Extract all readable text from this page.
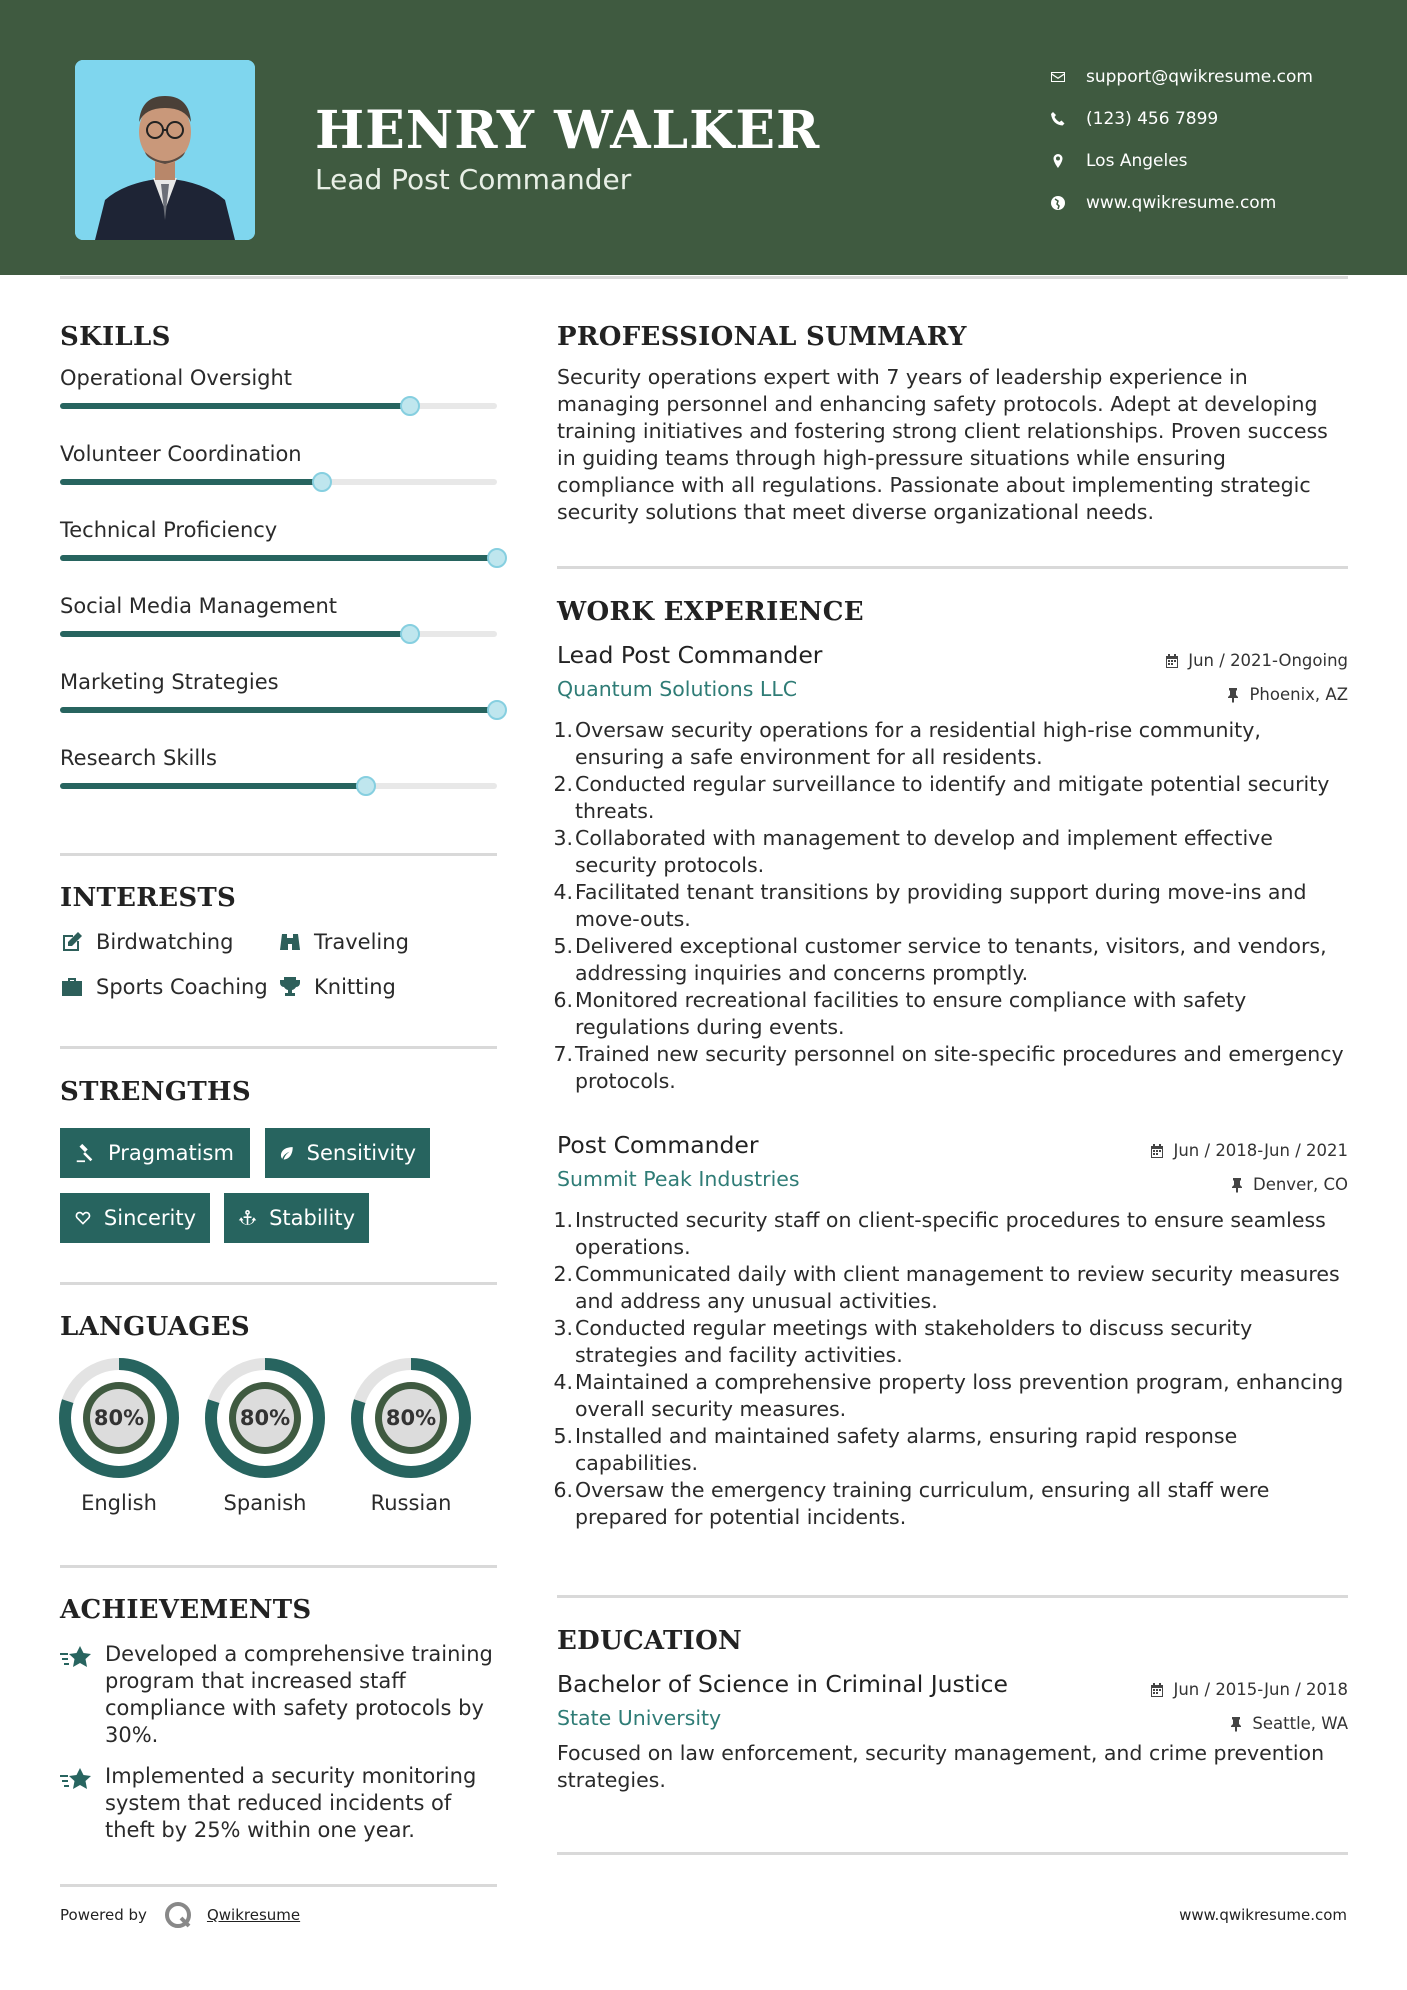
HENRY WALKER
Lead Post Commander
support@qwikresume.com
(123) 456 7899
Los Angeles
www.qwikresume.com
SKILLS
Operational Oversight
Volunteer Coordination
Technical Proficiency
Social Media Management
Marketing Strategies
Research Skills
INTERESTS
Birdwatching	Traveling
Sports Coaching Knitting
STRENGTHS
Pragmatism	Sensitivity
Sincerity	Stability
LANGUAGES
80%
English
80%
Spanish
80%
Russian
ACHIEVEMENTS
Developed a comprehensive training program that increased staff compliance with safety protocols by 30%.
Implemented a security monitoring system that reduced incidents of theft by 25% within one year.
PROFESSIONAL SUMMARY
Security operations expert with 7 years of leadership experience in managing personnel and enhancing safety protocols. Adept at developing training initiatives and fostering strong client relationships. Proven success in guiding teams through high-pressure situations while ensuring compliance with all regulations. Passionate about implementing strategic security solutions that meet diverse organizational needs.
WORK EXPERIENCE
Lead Post Commander	Jun / 2021-Ongoing
Quantum Solutions LLC	Phoenix, AZ
1. Oversaw security operations for a residential high-rise community, ensuring a safe environment for all residents.
2. Conducted regular surveillance to identify and mitigate potential security threats.
3. Collaborated with management to develop and implement effective security protocols.
4. Facilitated tenant transitions by providing support during move-ins and move-outs.
5. Delivered exceptional customer service to tenants, visitors, and vendors, addressing inquiries and concerns promptly.
6. Monitored recreational facilities to ensure compliance with safety regulations during events.
7. Trained new security personnel on site-specific procedures and emergency protocols.
Post Commander	Jun / 2018-Jun / 2021
Summit Peak Industries	Denver, CO
1. Instructed security staff on client-specific procedures to ensure seamless operations.
2. Communicated daily with client management to review security measures and address any unusual activities.
3. Conducted regular meetings with stakeholders to discuss security strategies and facility activities.
4. Maintained a comprehensive property loss prevention program, enhancing overall security measures.
5. Installed and maintained safety alarms, ensuring rapid response capabilities.
6. Oversaw the emergency training curriculum, ensuring all staff were prepared for potential incidents.
EDUCATION
Bachelor of Science in Criminal Justice	Jun / 2015-Jun / 2018
State University	Seattle, WA
Focused on law enforcement, security management, and crime prevention strategies.
Powered by	Qwikresume	www.qwikresume.com
